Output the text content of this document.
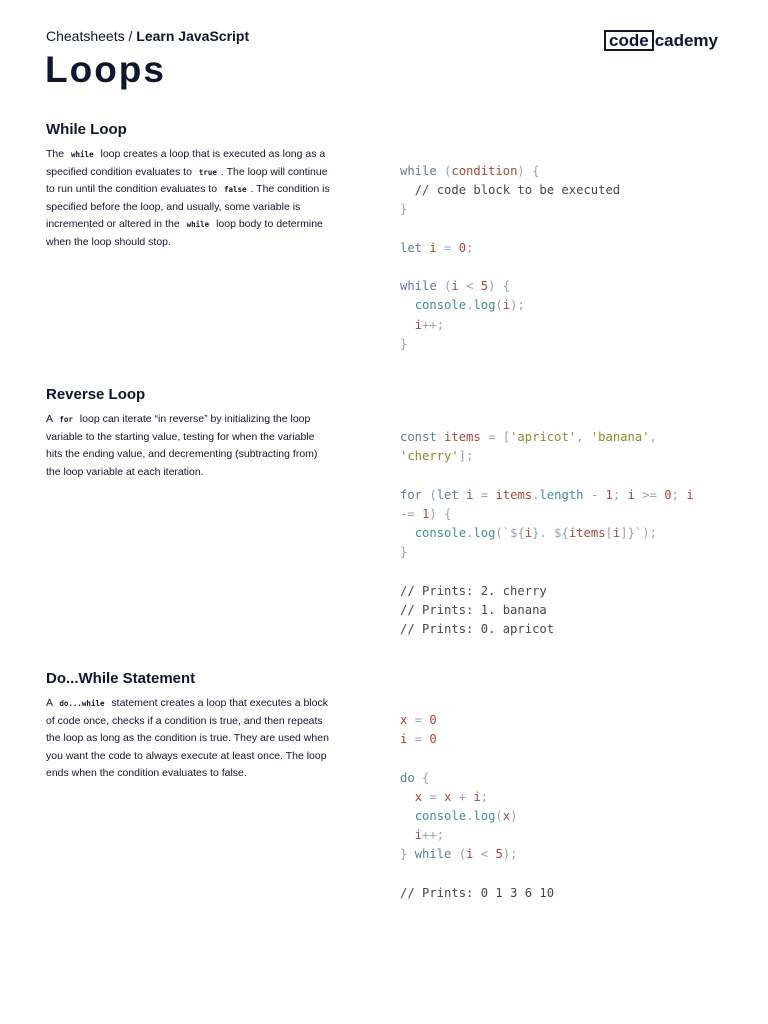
Cheatsheets / Learn JavaScript	code cademy
Loops
While Loop
The while loop creates a loop that is executed as long as a specified condition evaluates to true . The loop will continue to run until the condition evaluates to false . The condition is specified before the loop, and usually, some variable is incremented or altered in the while loop body to determine when the loop should stop.
while (condition) {
// code block to be executed
}

let i = 0;

while (i < 5) {
console.log(i);
i++;
}
Reverse Loop
A for loop can iterate “in reverse” by initializing the loop variable to the starting value, testing for when the variable hits the ending value, and decrementing (subtracting from) the loop variable at each iteration.
const items = ['apricot', 'banana',
'cherry'];

for (let i = items.length - 1; i >= 0; i
-= 1) {
console.log(`${i}. ${items[i]}`);
}

// Prints: 2. cherry
// Prints: 1. banana
// Prints: 0. apricot
Do...While Statement
A do...while statement creates a loop that executes a block of code once, checks if a condition is true, and then repeats the loop as long as the condition is true. They are used when you want the code to always execute at least once. The loop ends when the condition evaluates to false.
x = 0
i = 0

do {
x = x + i;
console.log(x)
i++;
} while (i < 5);

// Prints: 0 1 3 6 10
